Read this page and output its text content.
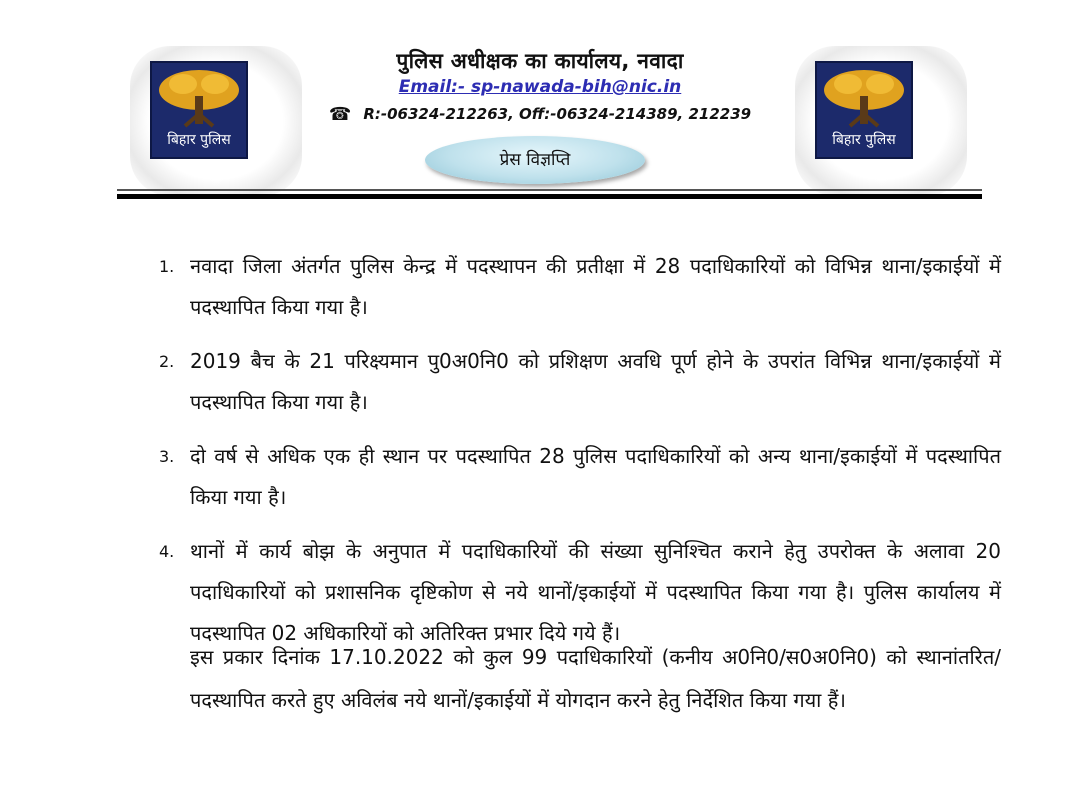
बिहार पुलिस	बिहार पुलिस
पुलिस अधीक्षक का कार्यालय, नवादा
Email:- sp-nawada-bih@nic.in
☎ R:-06324-212263, Off:-06324-214389, 212239
प्रेस विज्ञप्ति
1. नवादा जिला अंतर्गत पुलिस केन्द्र में पदस्थापन की प्रतीक्षा में 28 पदाधिकारियों को विभिन्न थाना/इकाईयों में पदस्थापित किया गया है।
2. 2019 बैच के 21 परिक्ष्यमान पु0अ0नि0 को प्रशिक्षण अवधि पूर्ण होने के उपरांत विभिन्न थाना/इकाईयों में पदस्थापित किया गया है।
3. दो वर्ष से अधिक एक ही स्थान पर पदस्थापित 28 पुलिस पदाधिकारियों को अन्य थाना/इकाईयों में पदस्थापित किया गया है।
4. थानों में कार्य बोझ के अनुपात में पदाधिकारियों की संख्या सुनिश्चित कराने हेतु उपरोक्त के अलावा 20 पदाधिकारियों को प्रशासनिक दृष्टिकोण से नये थानों/इकाईयों में पदस्थापित किया गया है। पुलिस कार्यालय में पदस्थापित 02 अधिकारियों को अतिरिक्त प्रभार दिये गये हैं।
इस प्रकार दिनांक 17.10.2022 को कुल 99 पदाधिकारियों (कनीय अ0नि0/स0अ0नि0) को स्थानांतरित/पदस्थापित करते हुए अविलंब नये थानों/इकाईयों में योगदान करने हेतु निर्देशित किया गया हैं।
